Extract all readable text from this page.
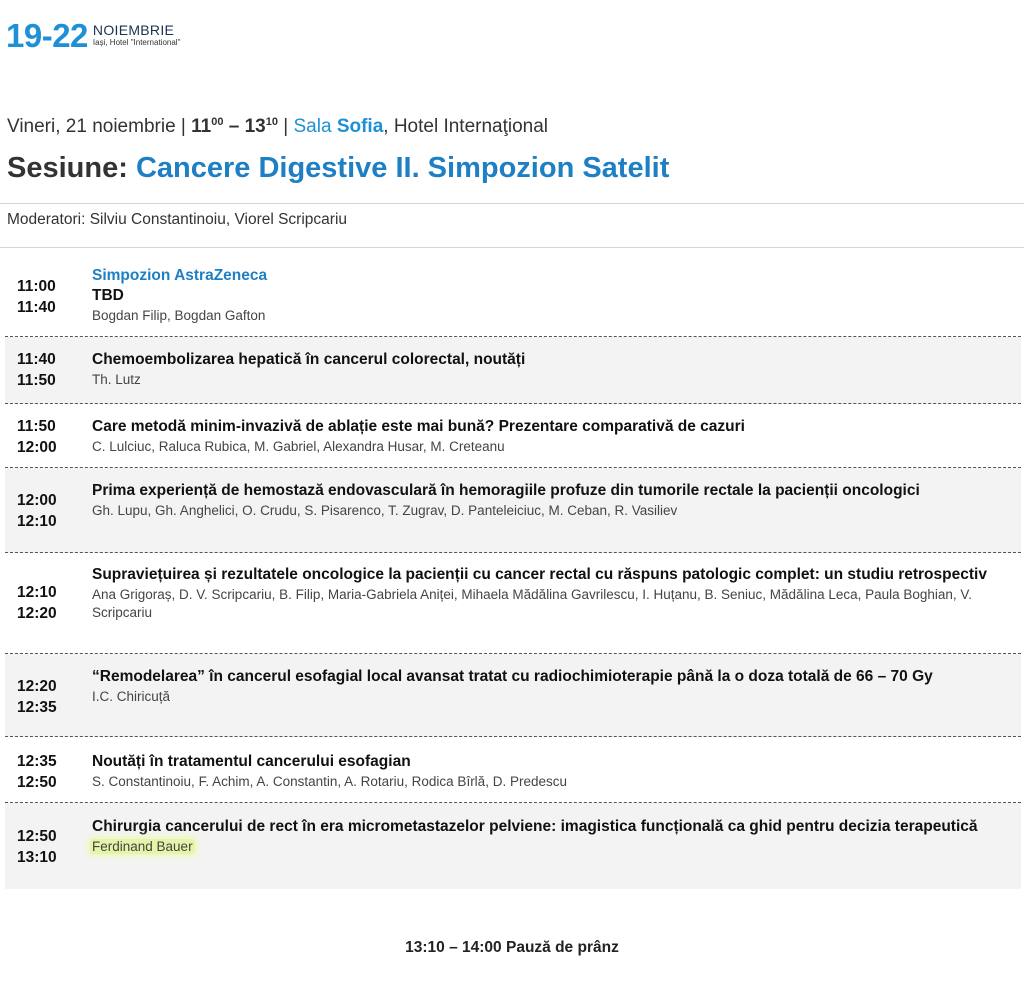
19-22 NOIEMBRIE
Iași, Hotel "International"
Vineri, 21 noiembrie | $11^{00} - 13^{10}$ | Sala Sofia, Hotel Internaţional
Sesiune: Cancere Digestive II. Simpozion Satelit
Moderatori: Silviu Constantinoiu, Viorel Scripcariu
11:00
11:40
Simpozion AstraZeneca
TBD
Bogdan Filip, Bogdan Gafton
11:40
11:50
Chemoembolizarea hepatică în cancerul colorectal, noutăți
Th. Lutz
11:50
12:00
Care metodă minim-invazivă de ablație este mai bună? Prezentare comparativă de cazuri
C. Lulciuc, Raluca Rubica, M. Gabriel, Alexandra Husar, M. Creteanu
12:00
12:10
Prima experiență de hemostază endovasculară în hemoragiile profuze din tumorile rectale la pacienții oncologici
Gh. Lupu, Gh. Anghelici, O. Crudu, S. Pisarenco, T. Zugrav, D. Panteleiciuc, M. Ceban, R. Vasiliev
12:10
12:20
Supraviețuirea și rezultatele oncologice la pacienții cu cancer rectal cu răspuns patologic complet: un studiu retrospectiv
Ana Grigoraș, D. V. Scripcariu, B. Filip, Maria-Gabriela Aniței, Mihaela Mădălina Gavrilescu, I. Huțanu, B. Seniuc, Mădălina Leca, Paula Boghian, V. Scripcariu
12:20
12:35
“Remodelarea” în cancerul esofagial local avansat tratat cu radiochimioterapie până la o doza totală de 66 – 70 Gy
I.C. Chiricuță
12:35
12:50
Noutăți în tratamentul cancerului esofagian
S. Constantinoiu, F. Achim, A. Constantin, A. Rotariu, Rodica Bîrlă, D. Predescu
12:50
13:10
Chirurgia cancerului de rect în era micrometastazelor pelviene: imagistica funcțională ca ghid pentru decizia terapeutică
Ferdinand Bauer
13:10 – 14:00 Pauză de prânz
